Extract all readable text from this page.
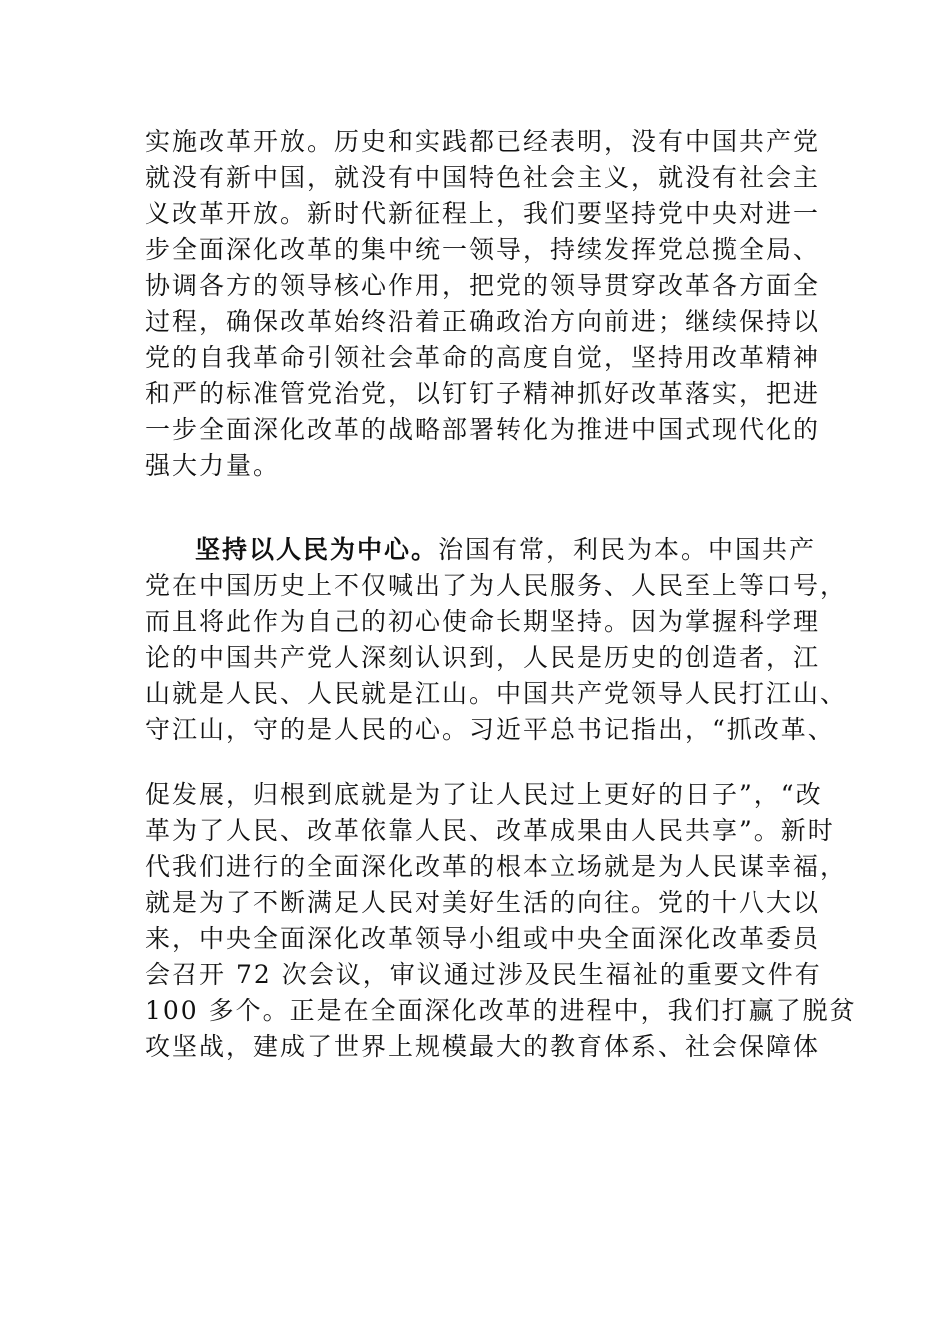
实施改革开放。历史和实践都已经表明，没有中国共产党
就没有新中国，就没有中国特色社会主义，就没有社会主
义改革开放。新时代新征程上，我们要坚持党中央对进一
步全面深化改革的集中统一领导，持续发挥党总揽全局、
协调各方的领导核心作用，把党的领导贯穿改革各方面全
过程，确保改革始终沿着正确政治方向前进；继续保持以
党的自我革命引领社会革命的高度自觉，坚持用改革精神
和严的标准管党治党，以钉钉子精神抓好改革落实，把进
一步全面深化改革的战略部署转化为推进中国式现代化的
强大力量。
坚持以人民为中心。治国有常，利民为本。中国共产
党在中国历史上不仅喊出了为人民服务、人民至上等口号，
而且将此作为自己的初心使命长期坚持。因为掌握科学理
论的中国共产党人深刻认识到，人民是历史的创造者，江
山就是人民、人民就是江山。中国共产党领导人民打江山、
守江山，守的是人民的心。习近平总书记指出，“抓改革、
促发展，归根到底就是为了让人民过上更好的日子”，“改
革为了人民、改革依靠人民、改革成果由人民共享”。新时
代我们进行的全面深化改革的根本立场就是为人民谋幸福，
就是为了不断满足人民对美好生活的向往。党的十八大以
来，中央全面深化改革领导小组或中央全面深化改革委员
会召开 72 次会议，审议通过涉及民生福祉的重要文件有
100 多个。正是在全面深化改革的进程中，我们打赢了脱贫
攻坚战，建成了世界上规模最大的教育体系、社会保障体
